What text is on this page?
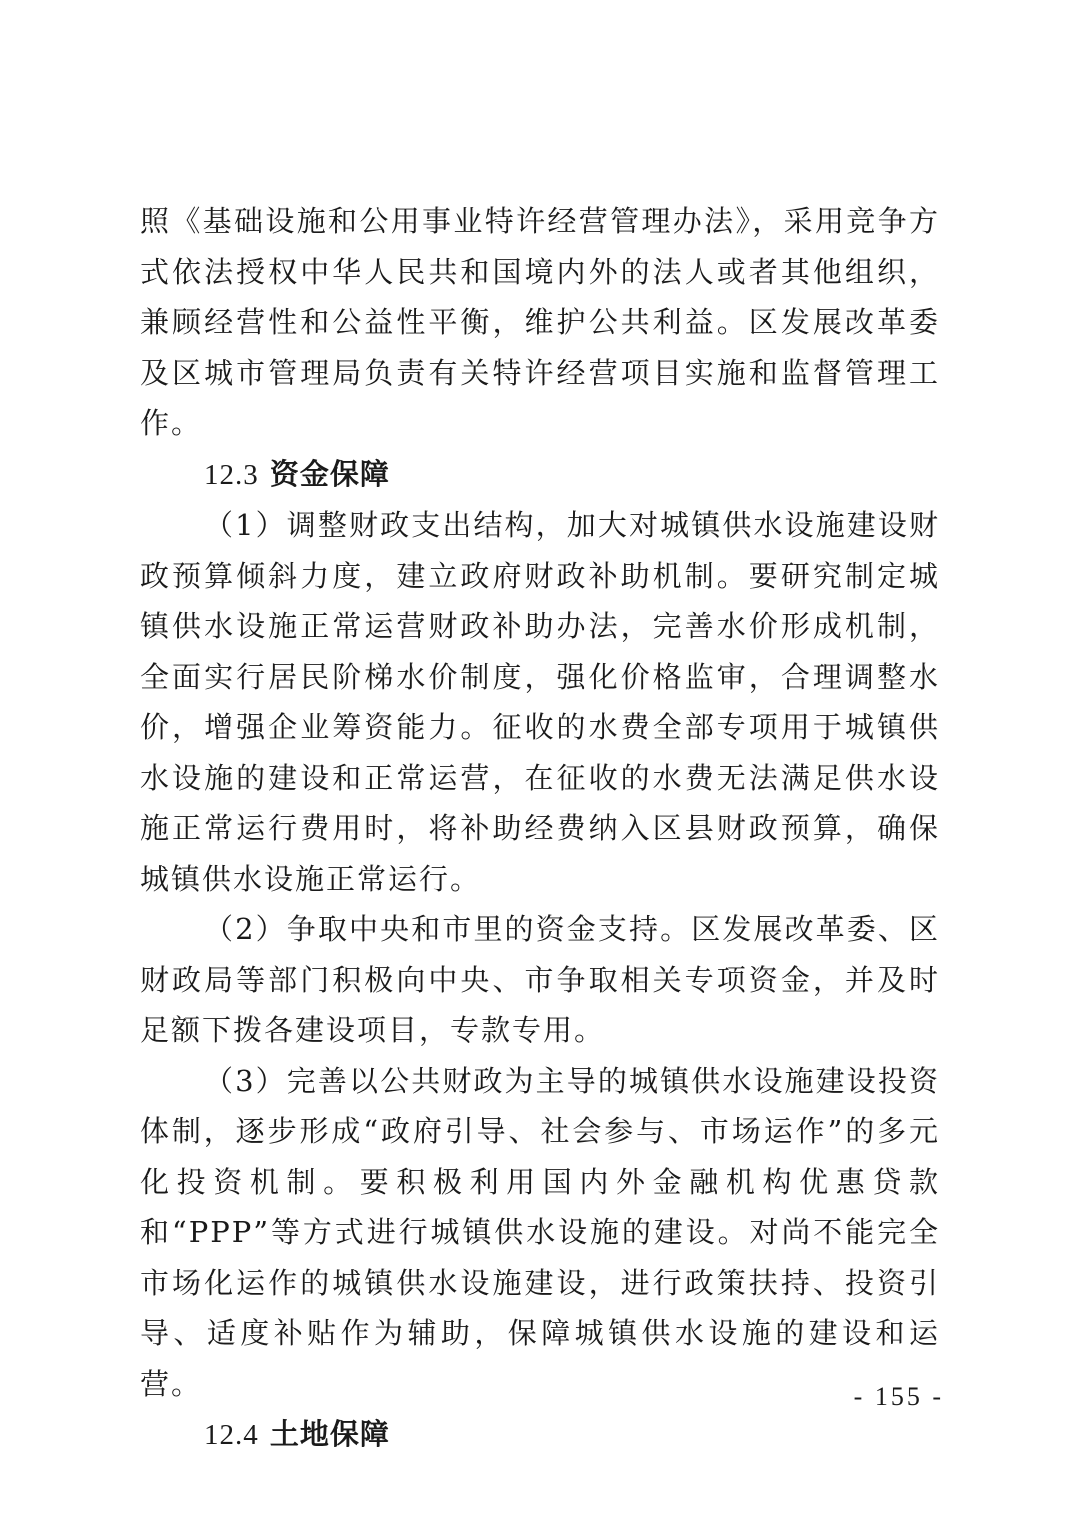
照《基础设施和公用事业特许经营管理办法》，采用竞争方式依法授权中华人民共和国境内外的法人或者其他组织，兼顾经营性和公益性平衡，维护公共利益。区发展改革委及区城市管理局负责有关特许经营项目实施和监督管理工作。

12.3 资金保障

（1）调整财政支出结构，加大对城镇供水设施建设财政预算倾斜力度，建立政府财政补助机制。要研究制定城镇供水设施正常运营财政补助办法，完善水价形成机制，全面实行居民阶梯水价制度，强化价格监审，合理调整水价，增强企业筹资能力。征收的水费全部专项用于城镇供水设施的建设和正常运营，在征收的水费无法满足供水设施正常运行费用时，将补助经费纳入区县财政预算，确保城镇供水设施正常运行。

（2）争取中央和市里的资金支持。区发展改革委、区财政局等部门积极向中央、市争取相关专项资金，并及时足额下拨各建设项目，专款专用。

（3）完善以公共财政为主导的城镇供水设施建设投资体制，逐步形成“政府引导、社会参与、市场运作”的多元化投资机制。要积极利用国内外金融机构优惠贷款和“PPP”等方式进行城镇供水设施的建设。对尚不能完全市场化运作的城镇供水设施建设，进行政策扶持、投资引导、适度补贴作为辅助，保障城镇供水设施的建设和运营。

12.4 土地保障

- 155 -
